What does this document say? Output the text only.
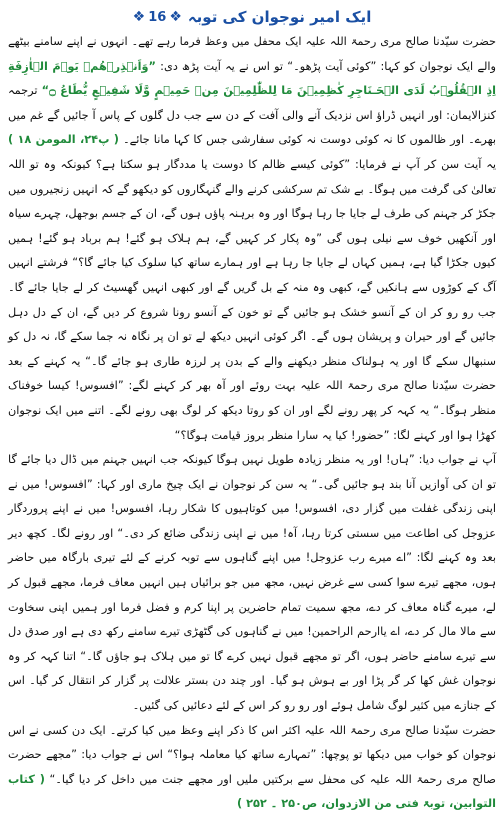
ایک امیر نوجوان کی توبہ
❖
16
❖

حضرت سیّدنا صالح مری رحمۃ اللہ علیہ ایک محفل میں وعظ فرما رہے تھے۔ انہوں نے اپنے سامنے بیٹھے والے ایک نوجوان کو کہا: ”کوئی آیت پڑھو۔“ تو اس نے یہ آیت پڑھ دی: ”وَاَنۡذِرۡهُمۡ يَوۡمَ الۡاٰزِفَةِ اِذِ الۡقُلُوۡبُ لَدَى الۡحَـنَاجِرِ كٰظِمِيۡنَ مَا لِلظّٰلِمِيۡنَ مِنۡ حَمِيۡمٍ وَّلَا شَفِيۡعٍ يُّطَاعُ ۝“ ترجمہ کنزالایمان: اور انہیں ڈراؤ اس نزدیک آنے والی آفت کے دن سے جب دل گلوں کے پاس آ جائیں گے غم میں بھرے۔ اور ظالموں کا نہ کوئی دوست نہ کوئی سفارشی جس کا کہا مانا جائے۔ ( پ۲۴، المومن ۱۸ ) یہ آیت سن کر آپ نے فرمایا: ”کوئی کیسے ظالم کا دوست یا مددگار ہو سکتا ہے؟ کیونکہ وہ تو اللہ تعالیٰ کی گرفت میں ہوگا۔ بے شک تم سرکشی کرنے والے گنہگاروں کو دیکھو گے کہ انہیں زنجیروں میں جکڑ کر جہنم کی طرف لے جایا جا رہا ہوگا اور وہ برہنہ پاؤں ہوں گے، ان کے جسم بوجھل، چہرے سیاہ اور آنکھیں خوف سے نیلی ہوں گی ”وہ پکار کر کہیں گے، ہم ہلاک ہو گئے! ہم برباد ہو گئے! ہمیں کیوں جکڑا گیا ہے، ہمیں کہاں لے جایا جا رہا ہے اور ہمارے ساتھ کیا سلوک کیا جائے گا؟“ فرشتے انہیں آگ کے کوڑوں سے ہانکیں گے، کبھی وہ منہ کے بل گریں گے اور کبھی انہیں گھسیٹ کر لے جایا جائے گا۔ جب رو رو کر ان کے آنسو خشک ہو جائیں گے تو خون کے آنسو رونا شروع کر دیں گے، ان کے دل دہل جائیں گے اور حیران و پریشان ہوں گے۔ اگر کوئی انہیں دیکھ لے تو ان پر نگاہ نہ جما سکے گا، نہ دل کو سنبھال سکے گا اور یہ ہولناک منظر دیکھنے والے کے بدن پر لرزہ طاری ہو جائے گا۔“ یہ کہنے کے بعد حضرت سیّدنا صالح مری رحمۃ اللہ علیہ بہت روئے اور آہ بھر کر کہنے لگے: ”افسوس! کیسا خوفناک منظر ہوگا۔“ یہ کہہ کر پھر رونے لگے اور ان کو روتا دیکھ کر لوگ بھی رونے لگے۔ اتنے میں ایک نوجوان کھڑا ہوا اور کہنے لگا: ”حضور! کیا یہ سارا منظر بروز قیامت ہوگا؟“

آپ نے جواب دیا: ”ہاں! اور یہ منظر زیادہ طویل نہیں ہوگا کیونکہ جب انہیں جہنم میں ڈال دیا جائے گا تو ان کی آوازیں آنا بند ہو جائیں گی۔“ یہ سن کر نوجوان نے ایک چیخ ماری اور کہا: ”افسوس! میں نے اپنی زندگی غفلت میں گزار دی، افسوس! میں کوتاہیوں کا شکار رہا، افسوس! میں نے اپنے پروردگار عزوجل کی اطاعت میں سستی کرتا رہا، آہ! میں نے اپنی زندگی ضائع کر دی۔“ اور رونے لگا۔ کچھ دیر بعد وہ کہنے لگا: ”اے میرے رب عزوجل! میں اپنے گناہوں سے توبہ کرنے کے لئے تیری بارگاہ میں حاضر ہوں، مجھے تیرے سوا کسی سے غرض نہیں، مجھ میں جو برائیاں ہیں انہیں معاف فرما، مجھے قبول کر لے، میرے گناہ معاف کر دے، مجھ سمیت تمام حاضرین پر اپنا کرم و فضل فرما اور ہمیں اپنی سخاوت سے مالا مال کر دے، اے یاارحم الراحمین! میں نے گناہوں کی گٹھڑی تیرے سامنے رکھ دی ہے اور صدق دل سے تیرے سامنے حاضر ہوں، اگر تو مجھے قبول نہیں کرے گا تو میں ہلاک ہو جاؤں گا۔“ اتنا کہہ کر وہ نوجوان غش کھا کر گر پڑا اور بے ہوش ہو گیا۔ اور چند دن بستر علالت پر گزار کر انتقال کر گیا۔ اس کے جنازے میں کثیر لوگ شامل ہوئے اور رو رو کر اس کے لئے دعائیں کی گئیں۔

حضرت سیّدنا صالح مری رحمۃ اللہ علیہ اکثر اس کا ذکر اپنے وعظ میں کیا کرتے۔ ایک دن کسی نے اس نوجوان کو خواب میں دیکھا تو پوچھا: ”تمہارے ساتھ کیا معاملہ ہوا؟“ اس نے جواب دیا: ”مجھے حضرت صالح مری رحمۃ اللہ علیہ کی محفل سے برکتیں ملیں اور مجھے جنت میں داخل کر دیا گیا۔“ ( کتاب التوابین، توبۃ فتی من الازدوان، ص۲۵۰ ۔ ۲۵۲ )
